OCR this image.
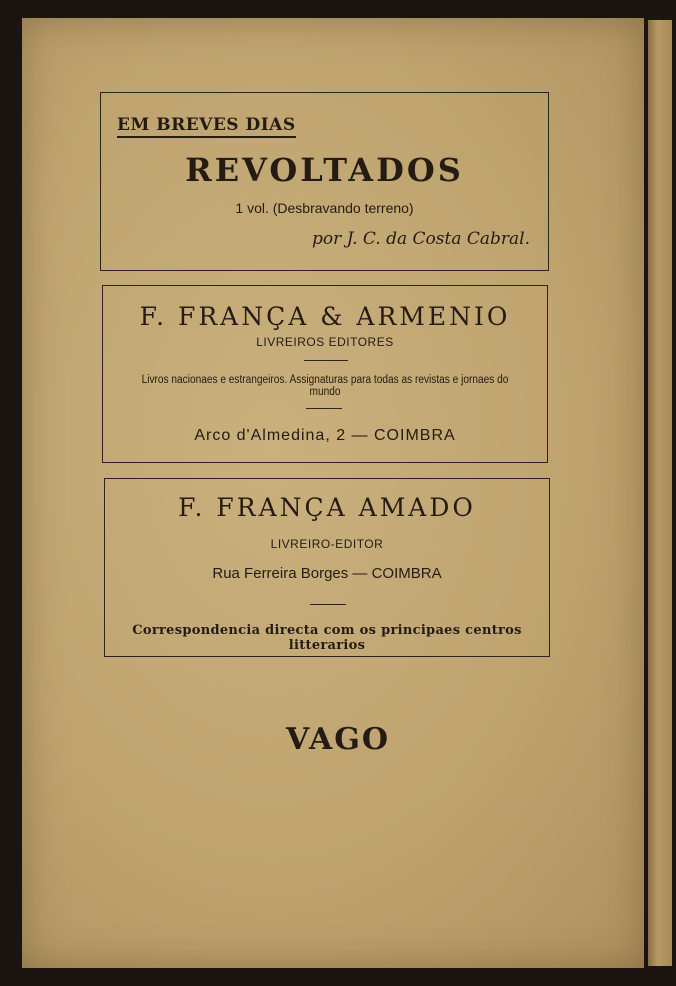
EM BREVES DIAS
REVOLTADOS
1 vol. (Desbravando terreno)
por J. C. da Costa Cabral.
F. FRANÇA & ARMENIO
LIVREIROS EDITORES
Livros nacionaes e estrangeiros. Assignaturas para todas as revistas e jornaes do mundo
Arco d'Almedina, 2 — COIMBRA
F. FRANÇA AMADO
LIVREIRO-EDITOR
Rua Ferreira Borges — COIMBRA
Correspondencia directa com os principaes centros litterarios
VAGO
